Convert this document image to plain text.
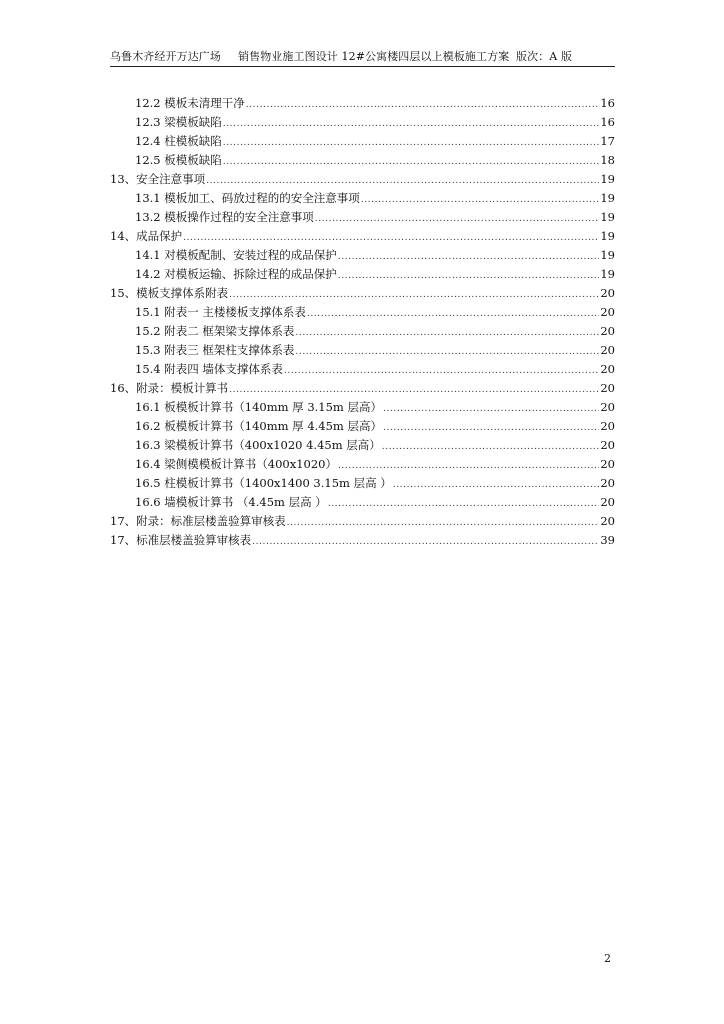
乌鲁木齐经开万达广场 销售物业施工图设计 12#公寓楼四层以上模板施工方案 版次：A 版
12.2 模板未清理干净 .....	16
12.3 梁模板缺陷 .....	16
12.4 柱模板缺陷 .....	17
12.5 板模板缺陷 .....	18
13、安全注意事项 .....	19
13.1 模板加工、码放过程的的安全注意事项 .....	19
13.2 模板操作过程的安全注意事项 .....	19
14、成品保护 .....	19
14.1 对模板配制、安装过程的成品保护 .....	19
14.2 对模板运输、拆除过程的成品保护 .....	19
15、模板支撑体系附表 .....	20
15.1 附表一 主楼楼板支撑体系表 .....	20
15.2 附表二 框架梁支撑体系表 .....	20
15.3 附表三 框架柱支撑体系表 .....	20
15.4 附表四 墙体支撑体系表 .....	20
16、附录：模板计算书 .....	20
16.1 板模板计算书（140mm 厚 3.15m 层高） .....	20
16.2 板模板计算书（140mm 厚 4.45m 层高） .....	20
16.3 梁模板计算书（400x1020 4.45m 层高） .....	20
16.4 梁侧模模板计算书（400x1020） .....	20
16.5 柱模板计算书（1400x1400 3.15m 层高 ） .....	20
16.6 墙模板计算书 （4.45m 层高 ） .....	20
17、附录：标准层楼盖验算审核表 .....	20
17、标准层楼盖验算审核表 .....	39
2
